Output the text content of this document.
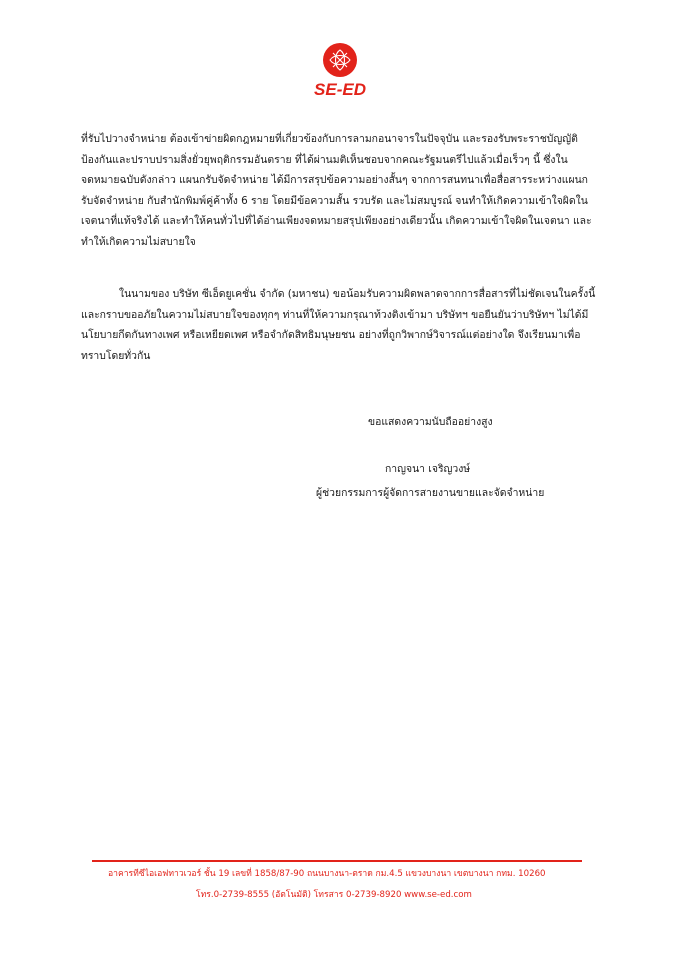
SE-ED
ที่รับไปวางจำหน่าย ต้องเข้าข่ายผิดกฎหมายที่เกี่ยวข้องกับการลามกอนาจารในปัจจุบัน และรองรับพระราชบัญญัติ
ป้องกันและปราบปรามสิ่งยั่วยุพฤติกรรมอันตราย ที่ได้ผ่านมติเห็นชอบจากคณะรัฐมนตรีไปแล้วเมื่อเร็วๆ นี้ ซึ่งใน
จดหมายฉบับดังกล่าว แผนกรับจัดจำหน่าย ได้มีการสรุปข้อความอย่างสั้นๆ จากการสนทนาเพื่อสื่อสารระหว่างแผนก
รับจัดจำหน่าย กับสำนักพิมพ์คู่ค้าทั้ง 6 ราย โดยมีข้อความสั้น รวบรัด และไม่สมบูรณ์ จนทำให้เกิดความเข้าใจผิดใน
เจตนาที่แท้จริงได้ และทำให้คนทั่วไปที่ได้อ่านเพียงจดหมายสรุปเพียงอย่างเดียวนั้น เกิดความเข้าใจผิดในเจตนา และ
ทำให้เกิดความไม่สบายใจ
ในนามของ บริษัท ซีเอ็ดยูเคชั่น จำกัด (มหาชน) ขอน้อมรับความผิดพลาดจากการสื่อสารที่ไม่ชัดเจนในครั้งนี้
และกราบขออภัยในความไม่สบายใจของทุกๆ ท่านที่ให้ความกรุณาท้วงติงเข้ามา บริษัทฯ ขอยืนยันว่าบริษัทฯ ไม่ได้มี
นโยบายกีดกันทางเพศ หรือเหยียดเพศ หรือจำกัดสิทธิมนุษยชน อย่างที่ถูกวิพากษ์วิจารณ์แต่อย่างใด จึงเรียนมาเพื่อ
ทราบโดยทั่วกัน
ขอแสดงความนับถืออย่างสูง
กาญจนา เจริญวงษ์
ผู้ช่วยกรรมการผู้จัดการสายงานขายและจัดจำหน่าย
อาคารทีซีไอเอฟทาวเวอร์ ชั้น 19 เลขที่ 1858/87-90 ถนนบางนา-ตราด กม.4.5 แขวงบางนา เขตบางนา กทม. 10260
โทร.0-2739-8555 (อัตโนมัติ) โทรสาร 0-2739-8920 www.se-ed.com
